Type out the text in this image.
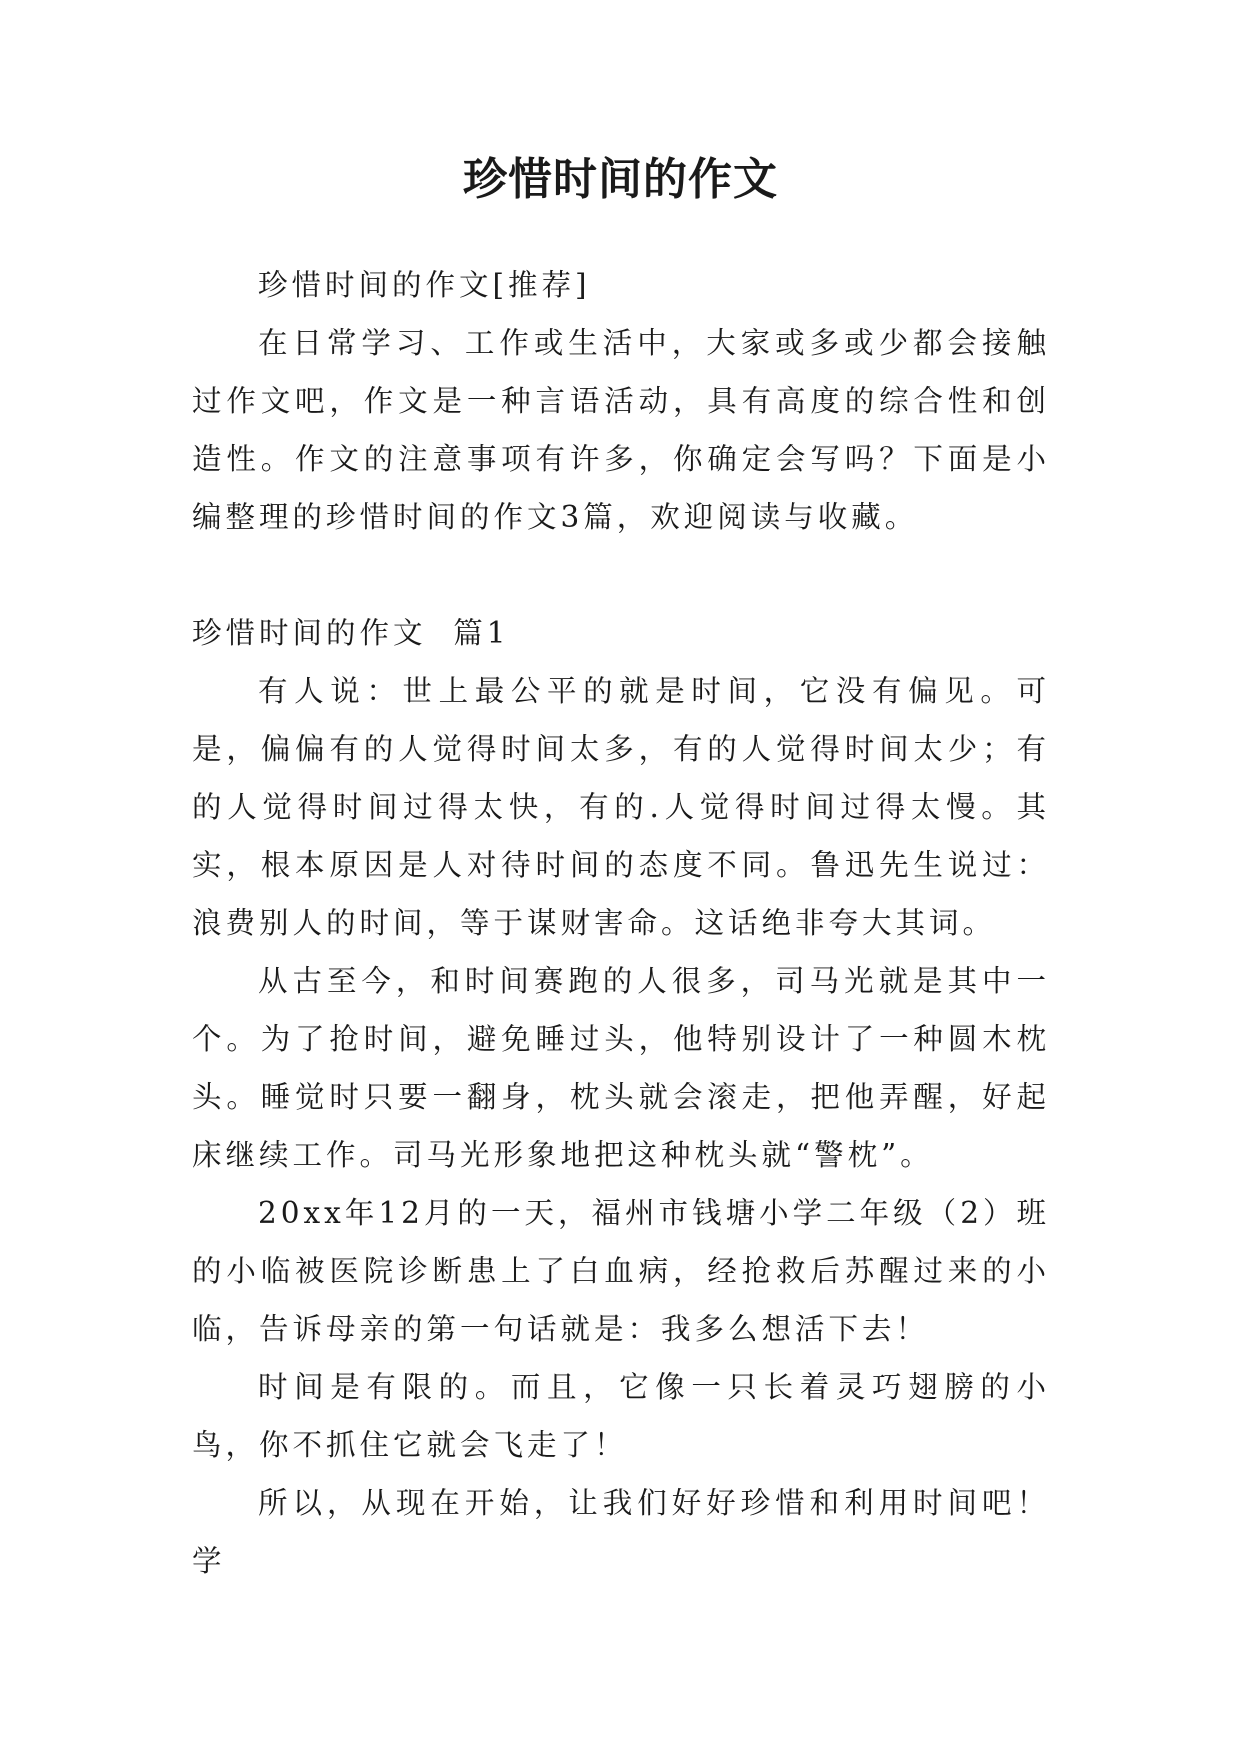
珍惜时间的作文

珍惜时间的作文[推荐]

在日常学习、工作或生活中，大家或多或少都会接触过作文吧，作文是一种言语活动，具有高度的综合性和创造性。作文的注意事项有许多，你确定会写吗？下面是小编整理的珍惜时间的作文3篇，欢迎阅读与收藏。

珍惜时间的作文  篇1

有人说：世上最公平的就是时间，它没有偏见。可是，偏偏有的人觉得时间太多，有的人觉得时间太少；有的人觉得时间过得太快，有的.人觉得时间过得太慢。其实，根本原因是人对待时间的态度不同。鲁迅先生说过：浪费别人的时间，等于谋财害命。这话绝非夸大其词。

从古至今，和时间赛跑的人很多，司马光就是其中一个。为了抢时间，避免睡过头，他特别设计了一种圆木枕头。睡觉时只要一翻身，枕头就会滚走，把他弄醒，好起床继续工作。司马光形象地把这种枕头就“警枕”。

20xx年12月的一天，福州市钱塘小学二年级（2）班的小临被医院诊断患上了白血病，经抢救后苏醒过来的小临，告诉母亲的第一句话就是：我多么想活下去！

时间是有限的。而且，它像一只长着灵巧翅膀的小鸟，你不抓住它就会飞走了！

所以，从现在开始，让我们好好珍惜和利用时间吧！学
